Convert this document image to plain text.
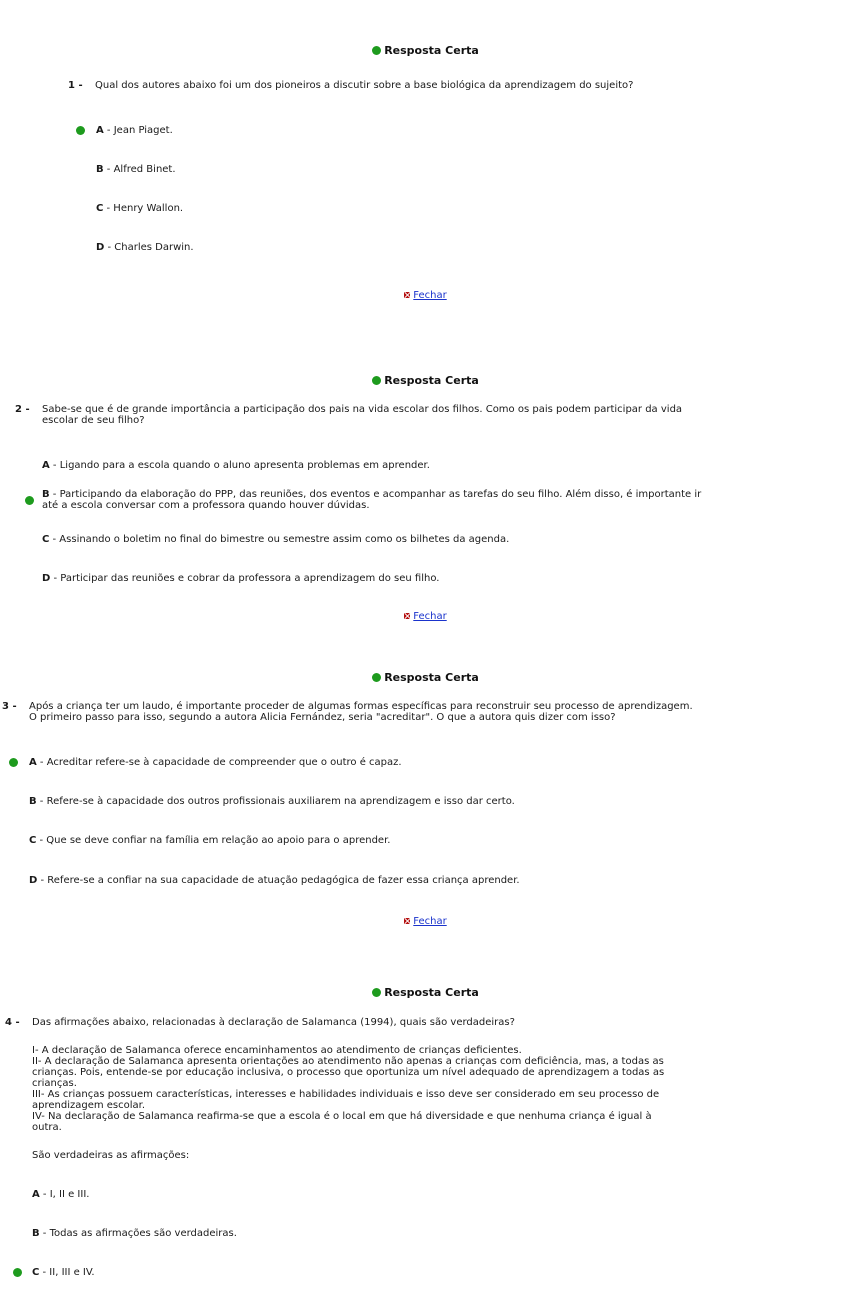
Resposta Certa
1 - Qual dos autores abaixo foi um dos pioneiros a discutir sobre a base biológica da aprendizagem do sujeito?
A - Jean Piaget.
B - Alfred Binet.
C - Henry Wallon.
D - Charles Darwin.
Fechar
Resposta Certa
2 - Sabe-se que é de grande importância a participação dos pais na vida escolar dos filhos. Como os pais podem participar da vida
escolar de seu filho?
A - Ligando para a escola quando o aluno apresenta problemas em aprender.
B - Participando da elaboração do PPP, das reuniões, dos eventos e acompanhar as tarefas do seu filho. Além disso, é importante ir
até a escola conversar com a professora quando houver dúvidas.
C - Assinando o boletim no final do bimestre ou semestre assim como os bilhetes da agenda.
D - Participar das reuniões e cobrar da professora a aprendizagem do seu filho.
Fechar
Resposta Certa
3 - Após a criança ter um laudo, é importante proceder de algumas formas específicas para reconstruir seu processo de aprendizagem.
O primeiro passo para isso, segundo a autora Alicia Fernández, seria "acreditar". O que a autora quis dizer com isso?
A - Acreditar refere-se à capacidade de compreender que o outro é capaz.
B - Refere-se à capacidade dos outros profissionais auxiliarem na aprendizagem e isso dar certo.
C - Que se deve confiar na família em relação ao apoio para o aprender.
D - Refere-se a confiar na sua capacidade de atuação pedagógica de fazer essa criança aprender.
Fechar
Resposta Certa
4 - Das afirmações abaixo, relacionadas à declaração de Salamanca (1994), quais são verdadeiras?
I- A declaração de Salamanca oferece encaminhamentos ao atendimento de crianças deficientes.
II- A declaração de Salamanca apresenta orientações ao atendimento não apenas a crianças com deficiência, mas, a todas as
crianças. Pois, entende-se por educação inclusiva, o processo que oportuniza um nível adequado de aprendizagem a todas as
crianças.
III- As crianças possuem características, interesses e habilidades individuais e isso deve ser considerado em seu processo de
aprendizagem escolar.
IV- Na declaração de Salamanca reafirma-se que a escola é o local em que há diversidade e que nenhuma criança é igual à
outra.
São verdadeiras as afirmações:
A - I, II e III.
B - Todas as afirmações são verdadeiras.
C - II, III e IV.
